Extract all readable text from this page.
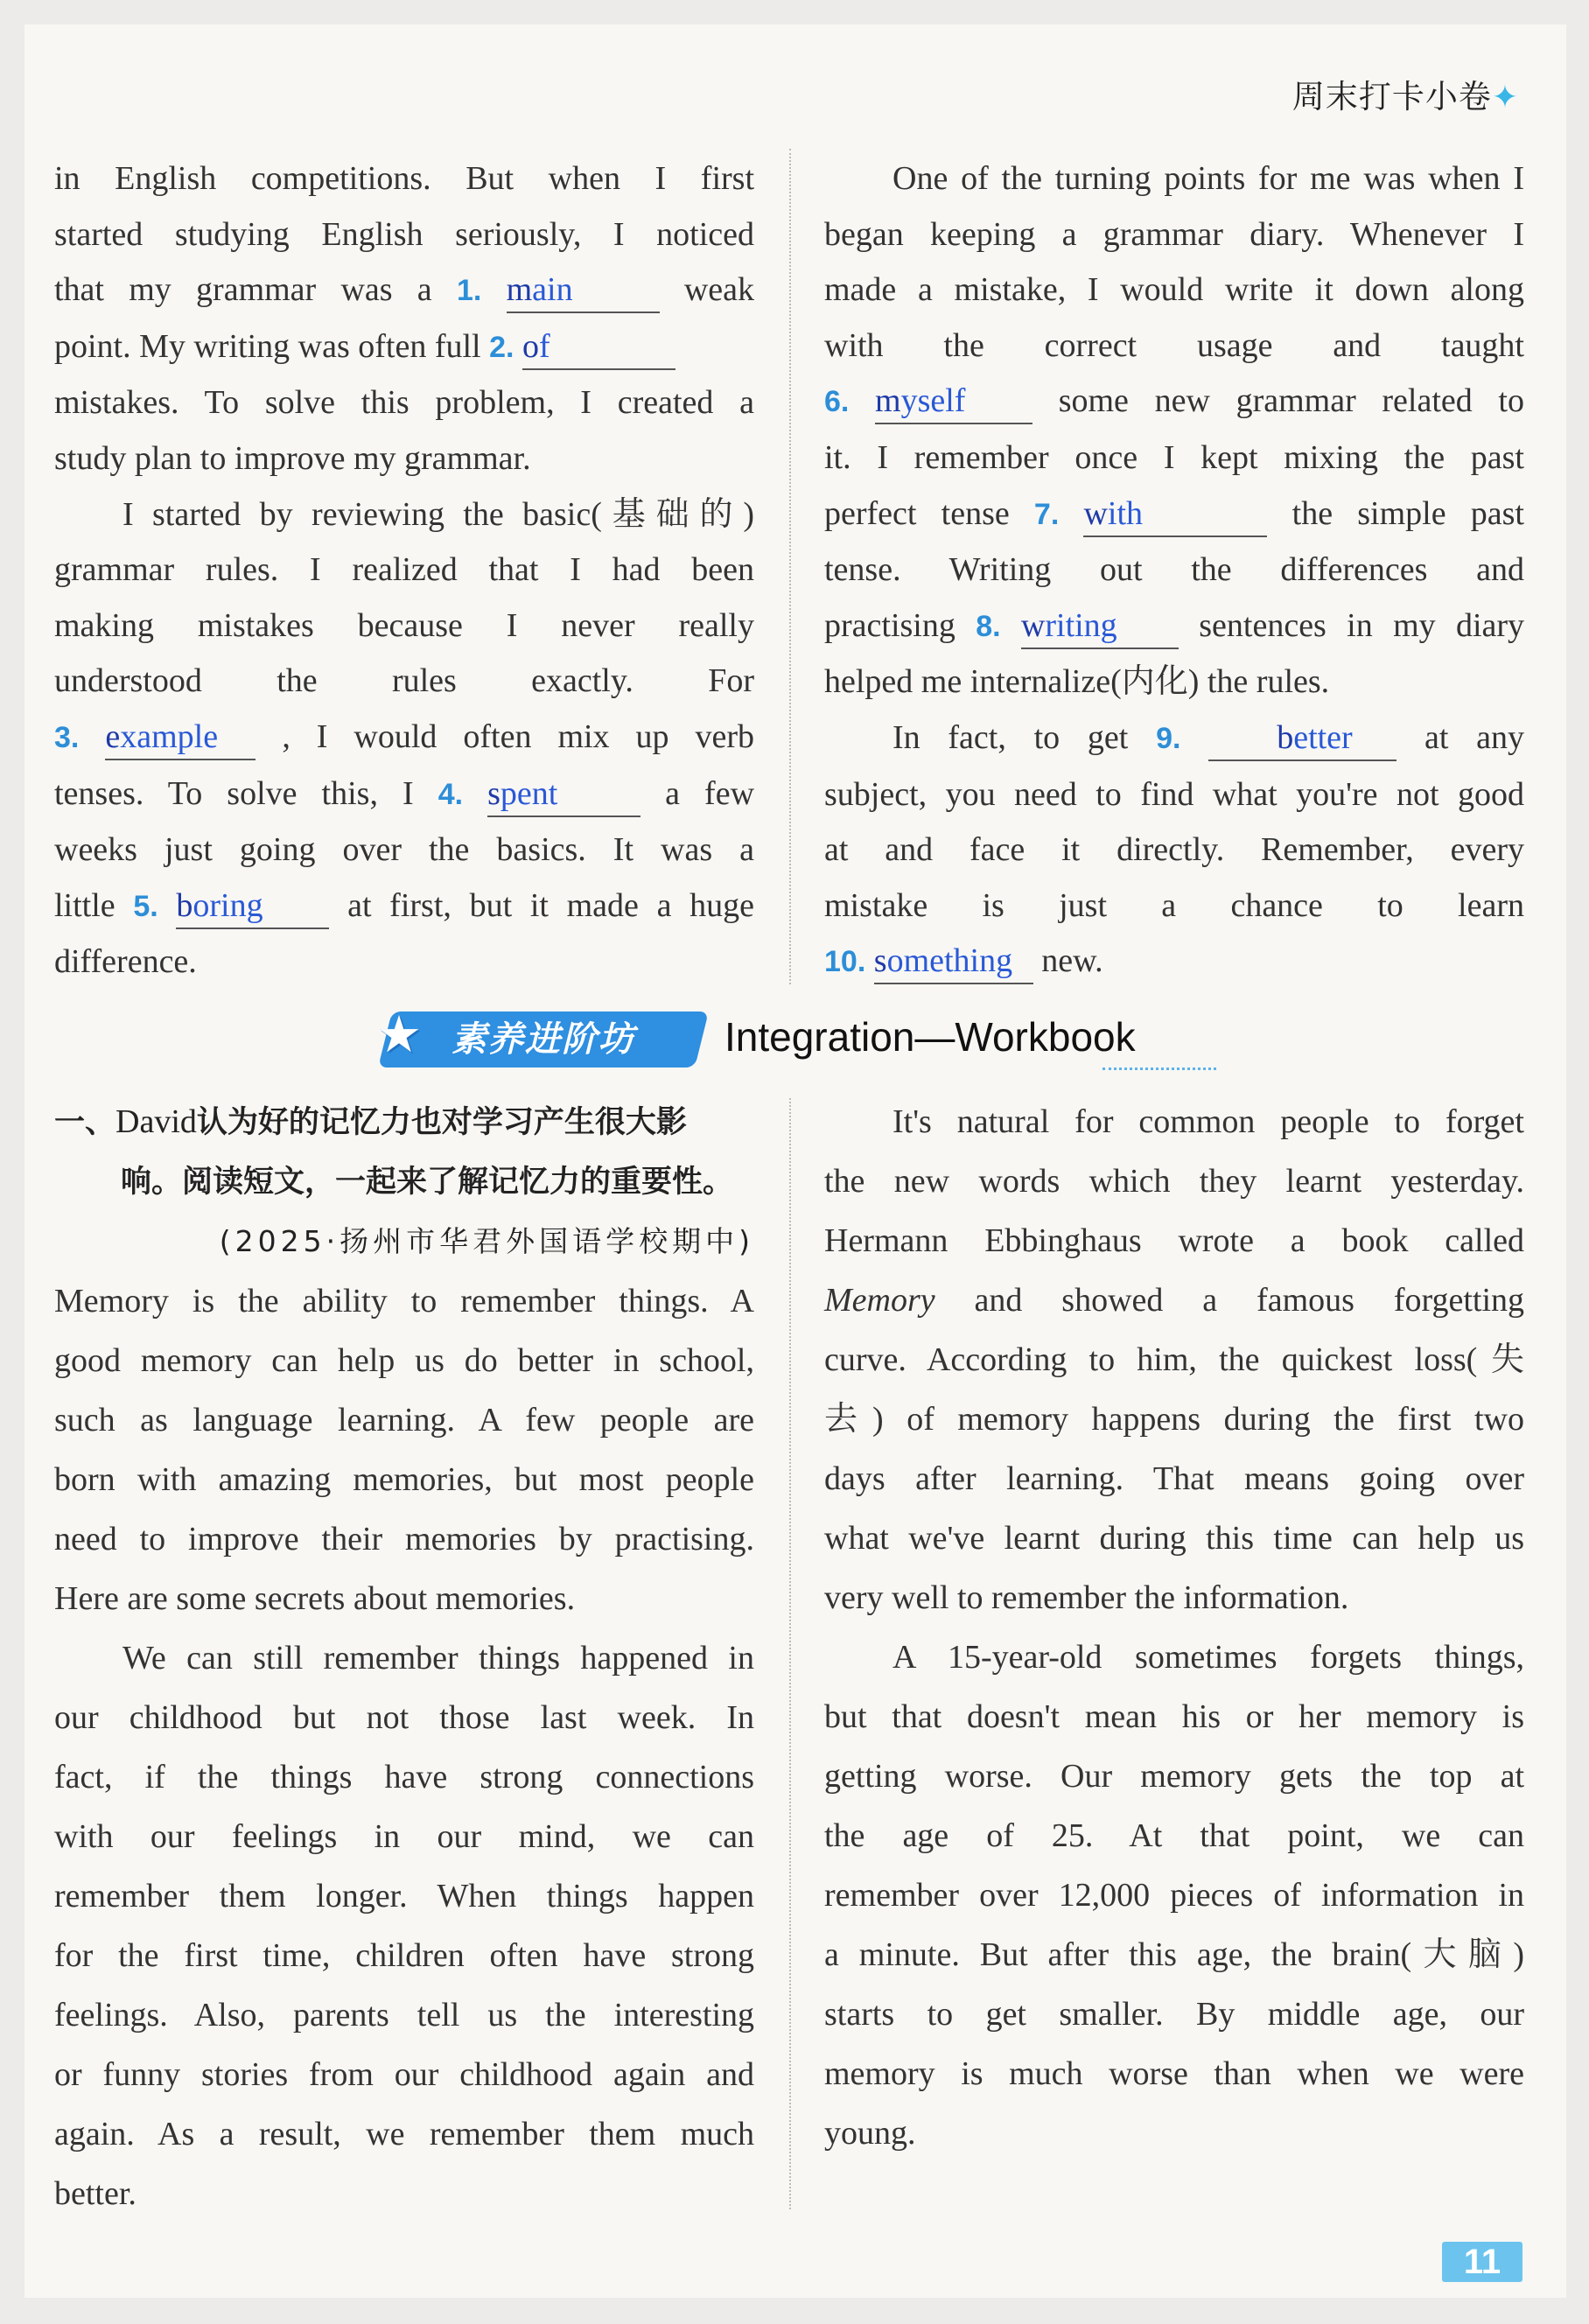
周末打卡小卷✦

in English competitions. But when I first

started studying English seriously, I noticed

that my grammar was a 1. main	weak

point. My writing was often full 2. of

mistakes. To solve this problem, I created a

study plan to improve my grammar.

I started by reviewing the basic(基础的)

grammar rules. I realized that I had been

making mistakes because I never really

understood the rules exactly. For

3. example , I would often mix up verb

tenses. To solve this, I 4. spent	a few

weeks just going over the basics. It was a

little 5. boring	at first, but it made a huge

difference.

One of the turning points for me was when I

began keeping a grammar diary. Whenever I

made a mistake, I would write it down along

with the correct usage and taught

6. myself	some new grammar related to

it. I remember once I kept mixing the past

perfect tense 7. with	the simple past

tense. Writing out the differences and

practising 8. writing sentences in my diary

helped me internalize(内化) the rules.

In fact, to get 9.	better at any

subject, you need to find what you're not good

at and face it directly. Remember, every

mistake is just a chance to learn

10. something new.

素养进阶坊
★	Integration—Workbook

一、David认为好的记忆力也对学习产生很大影

响。阅读短文，一起来了解记忆力的重要性。

(2025·扬州市华君外国语学校期中)

Memory is the ability to remember things. A

good memory can help us do better in school,

such as language learning. A few people are

born with amazing memories, but most people

need to improve their memories by practising.

Here are some secrets about memories.

We can still remember things happened in

our childhood but not those last week. In

fact, if the things have strong connections

with our feelings in our mind, we can

remember them longer. When things happen

for the first time, children often have strong

feelings. Also, parents tell us the interesting

or funny stories from our childhood again and

again. As a result, we remember them much

better.

It's natural for common people to forget

the new words which they learnt yesterday.

Hermann Ebbinghaus wrote a book called

Memory and showed a famous forgetting

curve. According to him, the quickest loss(失

去) of memory happens during the first two

days after learning. That means going over

what we've learnt during this time can help us

very well to remember the information.

A 15-year-old sometimes forgets things,

but that doesn't mean his or her memory is

getting worse. Our memory gets the top at

the age of 25. At that point, we can

remember over 12,000 pieces of information in

a minute. But after this age, the brain(大脑)

starts to get smaller. By middle age, our

memory is much worse than when we were

young.

11
